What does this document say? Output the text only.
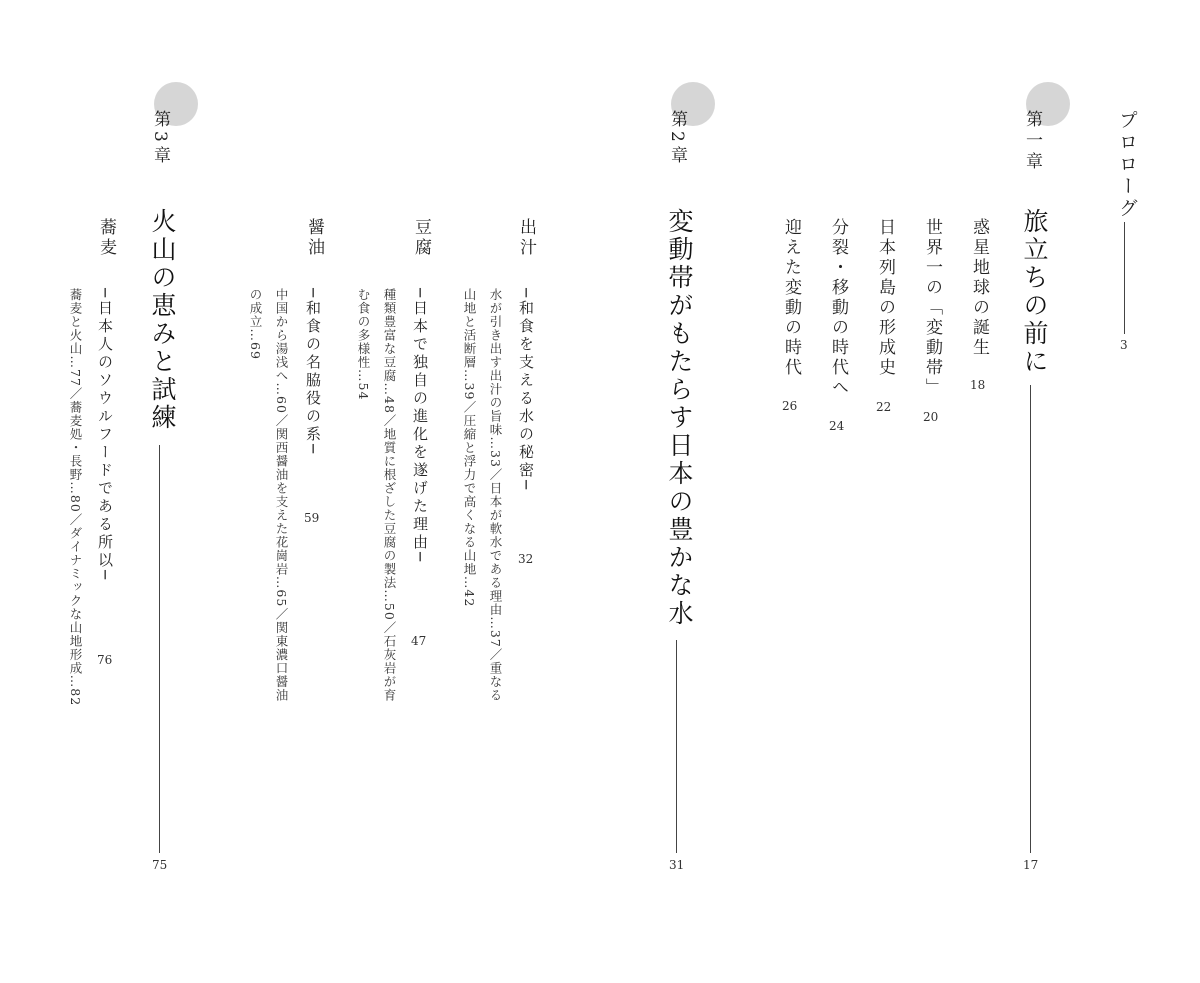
プロローグ
3
第一章
旅立ちの前に
17
惑星地球の誕生
18
世界一の「変動帯」
20
日本列島の形成史
22
分裂・移動の時代へ
24
迎えた変動の時代
26
第2章
変動帯がもたらす日本の豊かな水
31
出汁
─和食を支える水の秘密─
32
水が引き出す出汁の旨味…33／日本が軟水である理由…37／重なる
山地と活断層…39／圧縮と浮力で高くなる山地…42
豆腐
─日本で独自の進化を遂げた理由─
47
種類豊富な豆腐…48／地質に根ざした豆腐の製法…50／石灰岩が育
む食の多様性…54
醤油
─和食の名脇役の系─
59
中国から湯浅へ…60／関西醤油を支えた花崗岩…65／関東濃口醤油
の成立…69
第3章
火山の恵みと試練
75
蕎麦
─日本人のソウルフードである所以─
76
蕎麦と火山…77／蕎麦処・長野…80／ダイナミックな山地形成…82
